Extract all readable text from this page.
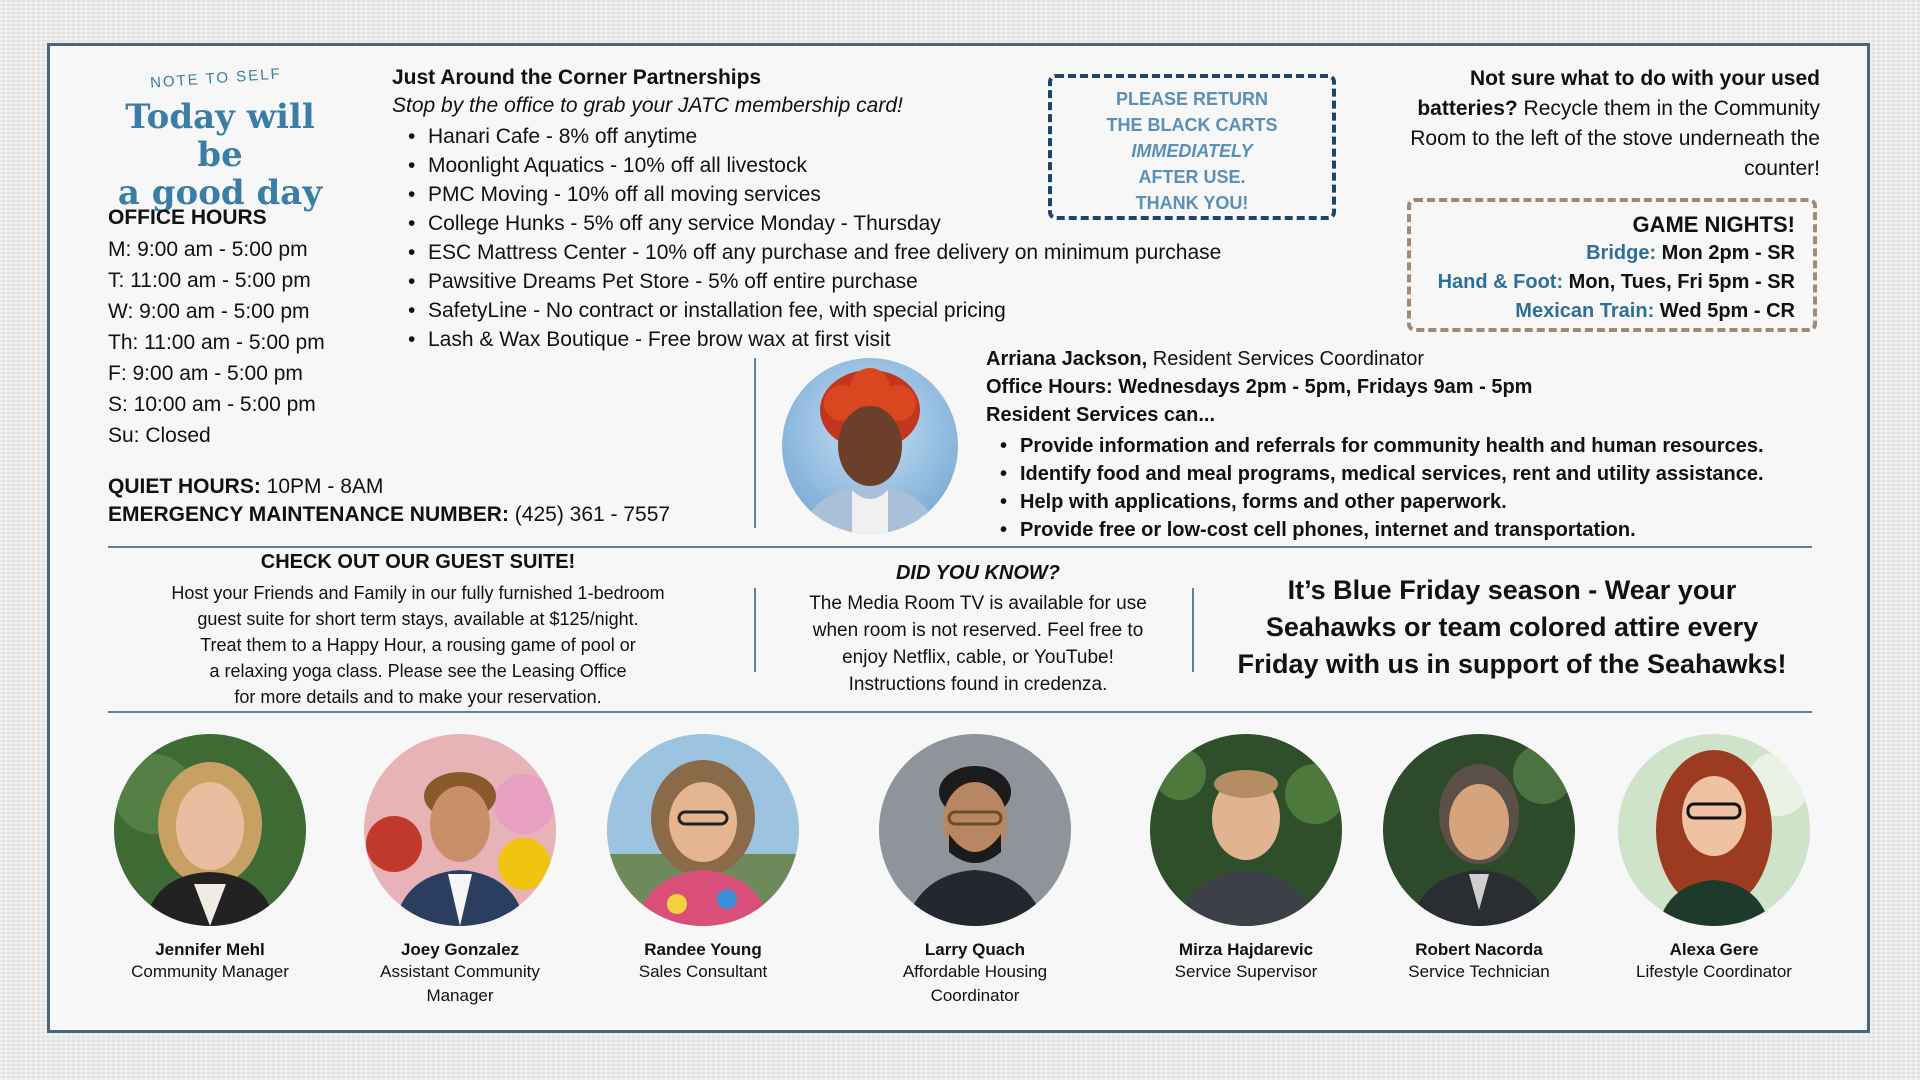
NOTE TO SELF
Today will be
a good day
OFFICE HOURS
M: 9:00 am - 5:00 pm
T: 11:00 am - 5:00 pm
W: 9:00 am - 5:00 pm
Th: 11:00 am - 5:00 pm
F: 9:00 am - 5:00 pm
S: 10:00 am - 5:00 pm
Su: Closed
QUIET HOURS: 10PM - 8AM
EMERGENCY MAINTENANCE NUMBER: (425) 361 - 7557
Just Around the Corner Partnerships
Stop by the office to grab your JATC membership card!
• Hanari Cafe - 8% off anytime
• Moonlight Aquatics - 10% off all livestock
• PMC Moving - 10% off all moving services
• College Hunks - 5% off any service Monday - Thursday
• ESC Mattress Center - 10% off any purchase and free delivery on minimum purchase
• Pawsitive Dreams Pet Store - 5% off entire purchase
• SafetyLine - No contract or installation fee, with special pricing
• Lash & Wax Boutique - Free brow wax at first visit
PLEASE RETURN
THE BLACK CARTS
IMMEDIATELY
AFTER USE.
THANK YOU!
Not sure what to do with your used batteries? Recycle them in the Community Room to the left of the stove underneath the counter!
GAME NIGHTS!
Bridge: Mon 2pm - SR
Hand & Foot: Mon, Tues, Fri 5pm - SR
Mexican Train: Wed 5pm - CR
Arriana Jackson, Resident Services Coordinator
Office Hours: Wednesdays 2pm - 5pm, Fridays 9am - 5pm
Resident Services can...
• Provide information and referrals for community health and human resources.
• Identify food and meal programs, medical services, rent and utility assistance.
• Help with applications, forms and other paperwork.
• Provide free or low-cost cell phones, internet and transportation.
CHECK OUT OUR GUEST SUITE!
Host your Friends and Family in our fully furnished 1-bedroom
guest suite for short term stays, available at $125/night.
Treat them to a Happy Hour, a rousing game of pool or
a relaxing yoga class. Please see the Leasing Office
for more details and to make your reservation.
DID YOU KNOW?
The Media Room TV is available for use
when room is not reserved. Feel free to
enjoy Netflix, cable, or YouTube!
Instructions found in credenza.
It’s Blue Friday season - Wear your
Seahawks or team colored attire every
Friday with us in support of the Seahawks!
Jennifer Mehl
Community Manager
Joey Gonzalez
Assistant Community
Manager
Randee Young
Sales Consultant
Larry Quach
Affordable Housing
Coordinator
Mirza Hajdarevic
Service Supervisor
Robert Nacorda
Service Technician
Alexa Gere
Lifestyle Coordinator
